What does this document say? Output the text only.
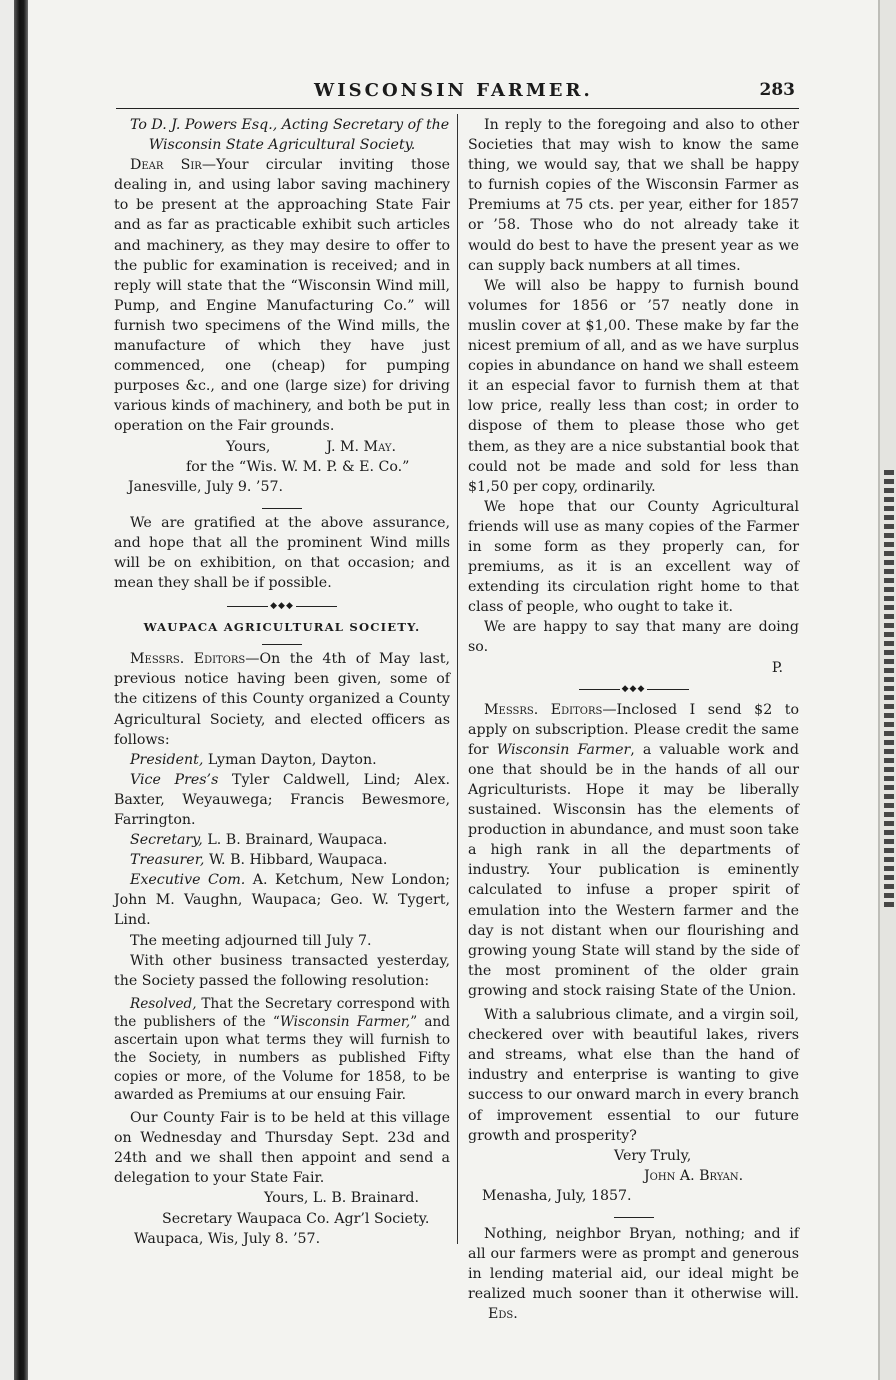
WISCONSIN FARMER.	283

To D. J. Powers Esq., Acting Secretary of the

Wisconsin State Agricultural Society.

Dear Sir—Your circular inviting those dealing in, and using labor saving machinery to be present at the approaching State Fair and as far as practicable exhibit such articles and machinery, as they may desire to offer to the public for examination is received; and in reply will state that the “Wisconsin Wind mill, Pump, and Engine Manufacturing Co.” will furnish two specimens of the Wind mills, the manufacture of which they have just commenced, one (cheap) for pumping purposes &c., and one (large size) for driving various kinds of machinery, and both be put in operation on the Fair grounds.

Yours,	J. M. May.

for the “Wis. W. M. P. & E. Co.”

Janesville, July 9. ’57.

We are gratified at the above assurance, and hope that all the prominent Wind mills will be on exhibition, on that occasion; and mean they shall be if possible.

◆◆◆

WAUPACA AGRICULTURAL SOCIETY.

Messrs. Editors—On the 4th of May last, previous notice having been given, some of the citizens of this County organized a County Agricultural Society, and elected officers as follows:

President, Lyman Dayton, Dayton.

Vice Pres’s Tyler Caldwell, Lind; Alex. Baxter, Weyauwega; Francis Bewesmore, Farrington.

Secretary, L. B. Brainard, Waupaca.

Treasurer, W. B. Hibbard, Waupaca.

Executive Com. A. Ketchum, New London; John M. Vaughn, Waupaca; Geo. W. Tygert, Lind.

The meeting adjourned till July 7.

With other business transacted yesterday, the Society passed the following resolution:

Resolved, That the Secretary correspond with the publishers of the “Wisconsin Farmer,” and ascertain upon what terms they will furnish to the Society, in numbers as published Fifty copies or more, of the Volume for 1858, to be awarded as Premiums at our ensuing Fair.

Our County Fair is to be held at this village on Wednesday and Thursday Sept. 23d and 24th and we shall then appoint and send a delegation to your State Fair.

Yours, L. B. Brainard.

Secretary Waupaca Co. Agr’l Society.

Waupaca, Wis, July 8. ’57.

In reply to the foregoing and also to other Societies that may wish to know the same thing, we would say, that we shall be happy to furnish copies of the Wisconsin Farmer as Premiums at 75 cts. per year, either for 1857 or ’58. Those who do not already take it would do best to have the present year as we can supply back numbers at all times.

We will also be happy to furnish bound volumes for 1856 or ’57 neatly done in muslin cover at $1,00. These make by far the nicest premium of all, and as we have surplus copies in abundance on hand we shall esteem it an especial favor to furnish them at that low price, really less than cost; in order to dispose of them to please those who get them, as they are a nice substantial book that could not be made and sold for less than $1,50 per copy, ordinarily.

We hope that our County Agricultural friends will use as many copies of the Farmer in some form as they properly can, for premiums, as it is an excellent way of extending its circulation right home to that class of people, who ought to take it.

We are happy to say that many are doing so.

P.

◆◆◆

Messrs. Editors—Inclosed I send $2 to apply on subscription. Please credit the same for Wisconsin Farmer, a valuable work and one that should be in the hands of all our Agriculturists. Hope it may be liberally sustained. Wisconsin has the elements of production in abundance, and must soon take a high rank in all the departments of industry. Your publication is eminently calculated to infuse a proper spirit of emulation into the Western farmer and the day is not distant when our flourishing and growing young State will stand by the side of the most prominent of the older grain growing and stock raising State of the Union.

With a salubrious climate, and a virgin soil, checkered over with beautiful lakes, rivers and streams, what else than the hand of industry and enterprise is wanting to give success to our onward march in every branch of improvement essential to our future growth and prosperity?

Very Truly,

John A. Bryan.

Menasha, July, 1857.

Nothing, neighbor Bryan, nothing; and if all our farmers were as prompt and generous in lending material aid, our ideal might be realized much sooner than it otherwise will.Eds.
